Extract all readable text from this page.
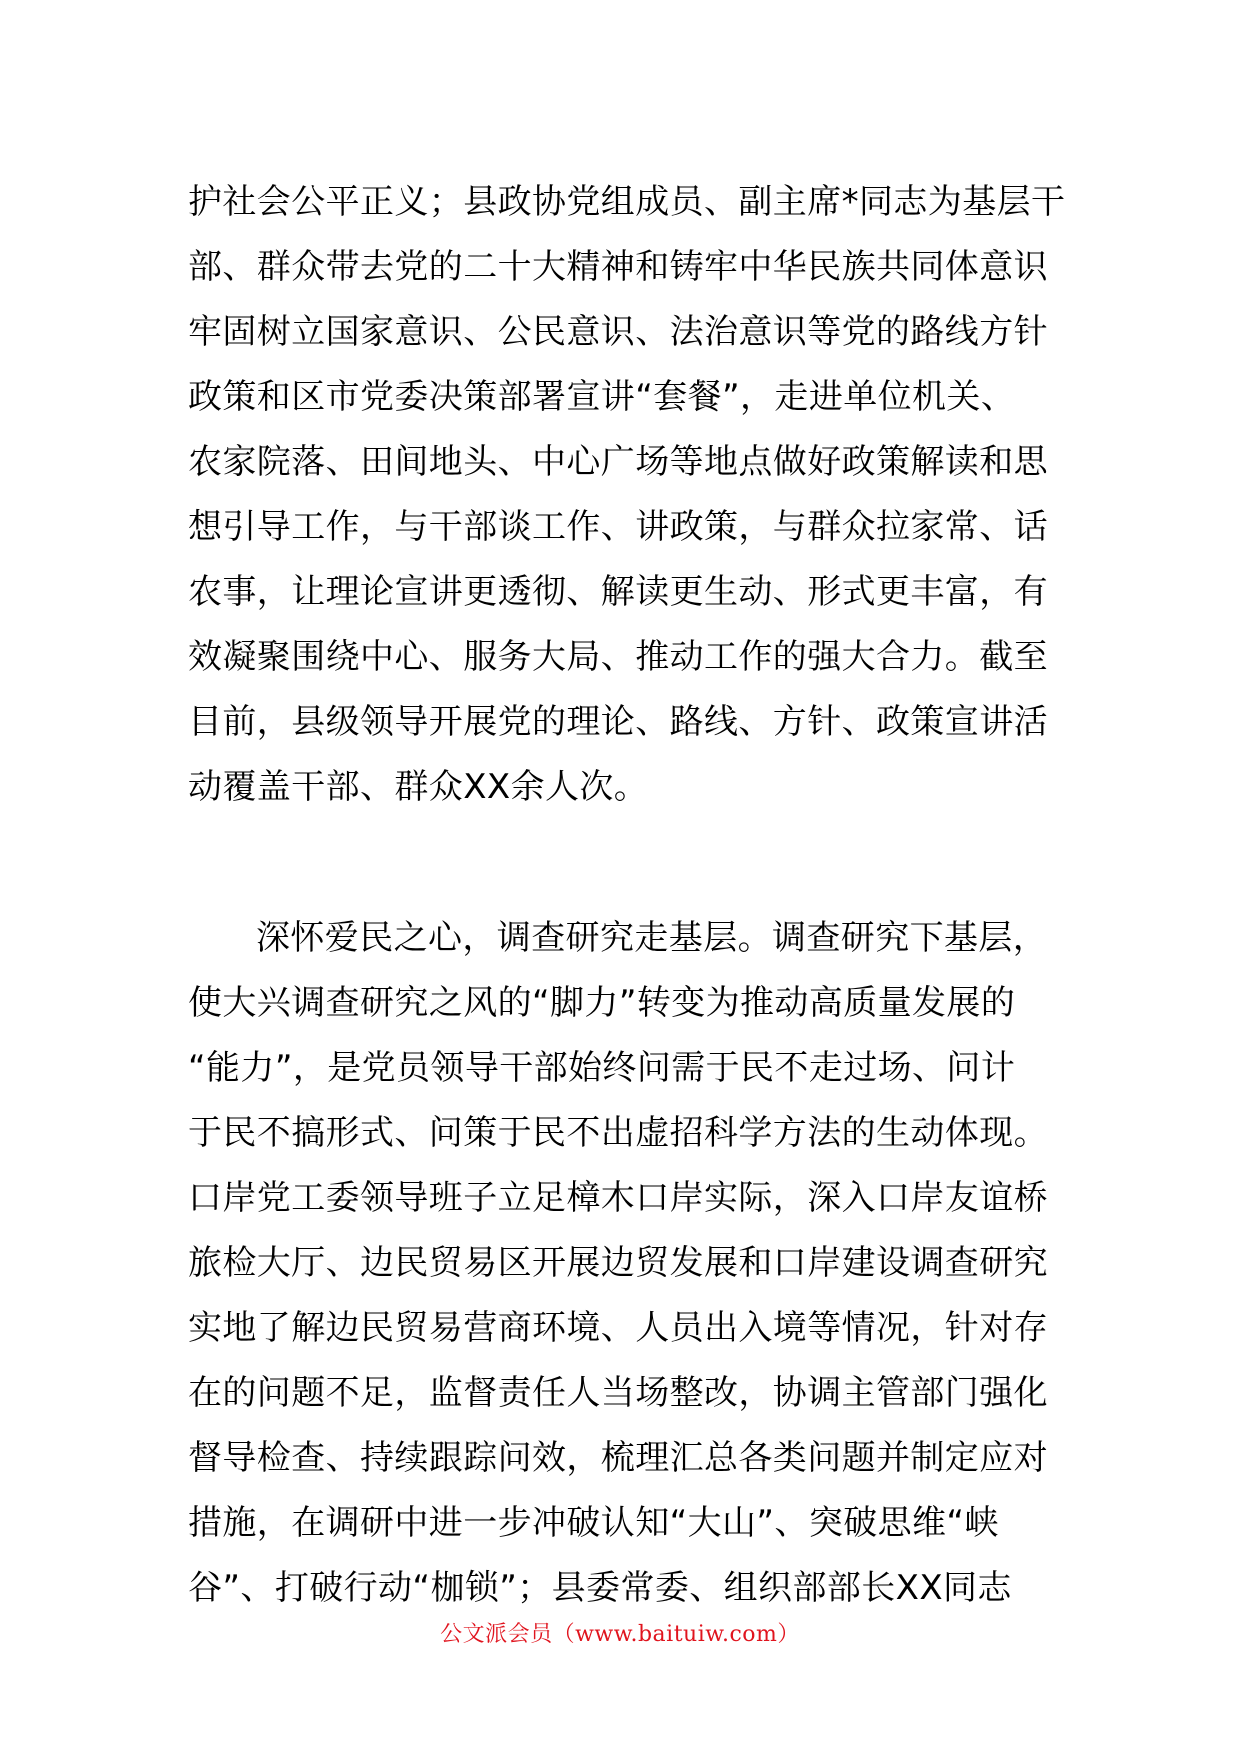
护社会公平正义；县政协党组成员、副主席*同志为基层干
部、群众带去党的二十大精神和铸牢中华民族共同体意识
牢固树立国家意识、公民意识、法治意识等党的路线方针
政策和区市党委决策部署宣讲“套餐”，走进单位机关、
农家院落、田间地头、中心广场等地点做好政策解读和思
想引导工作，与干部谈工作、讲政策，与群众拉家常、话
农事，让理论宣讲更透彻、解读更生动、形式更丰富，有
效凝聚围绕中心、服务大局、推动工作的强大合力。截至
目前，县级领导开展党的理论、路线、方针、政策宣讲活
动覆盖干部、群众XX余人次。
深怀爱民之心，调查研究走基层。调查研究下基层，
使大兴调查研究之风的“脚力”转变为推动高质量发展的
“能力”，是党员领导干部始终问需于民不走过场、问计
于民不搞形式、问策于民不出虚招科学方法的生动体现。
口岸党工委领导班子立足樟木口岸实际，深入口岸友谊桥
旅检大厅、边民贸易区开展边贸发展和口岸建设调查研究
实地了解边民贸易营商环境、人员出入境等情况，针对存
在的问题不足，监督责任人当场整改，协调主管部门强化
督导检查、持续跟踪问效，梳理汇总各类问题并制定应对
措施，在调研中进一步冲破认知“大山”、突破思维“峡
谷”、打破行动“枷锁”；县委常委、组织部部长XX同志
公文派会员（www.baituiw.com）
